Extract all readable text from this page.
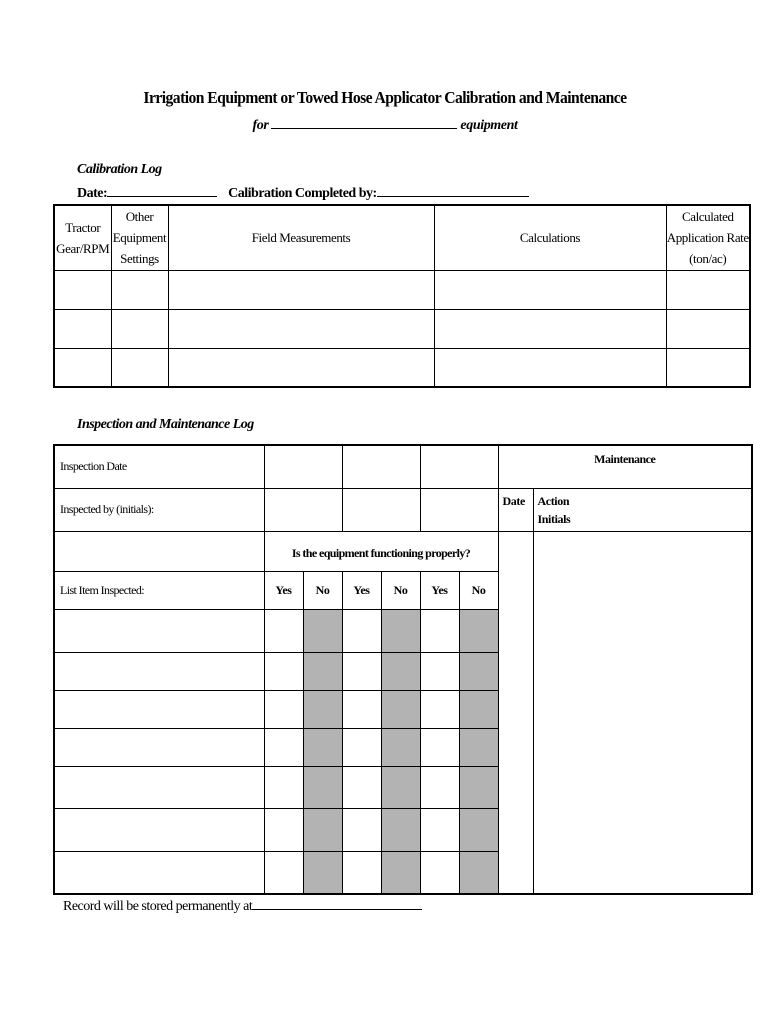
Irrigation Equipment or Towed Hose Applicator Calibration and Maintenance
for	equipment
Calibration Log
Date:	Calibration Completed by:
Tractor Gear/RPM	Other Equipment Settings	Field Measurements	Calculations	Calculated Application Rate (ton/ac)

Inspection and Maintenance Log
Inspection Date							Maintenance	
Inspected by (initials):							Date	Action
Initials

	Is the equipment functioning properly?							
List Item Inspected:	Yes	No	Yes	No	Yes	No		

Record will be stored permanently at
